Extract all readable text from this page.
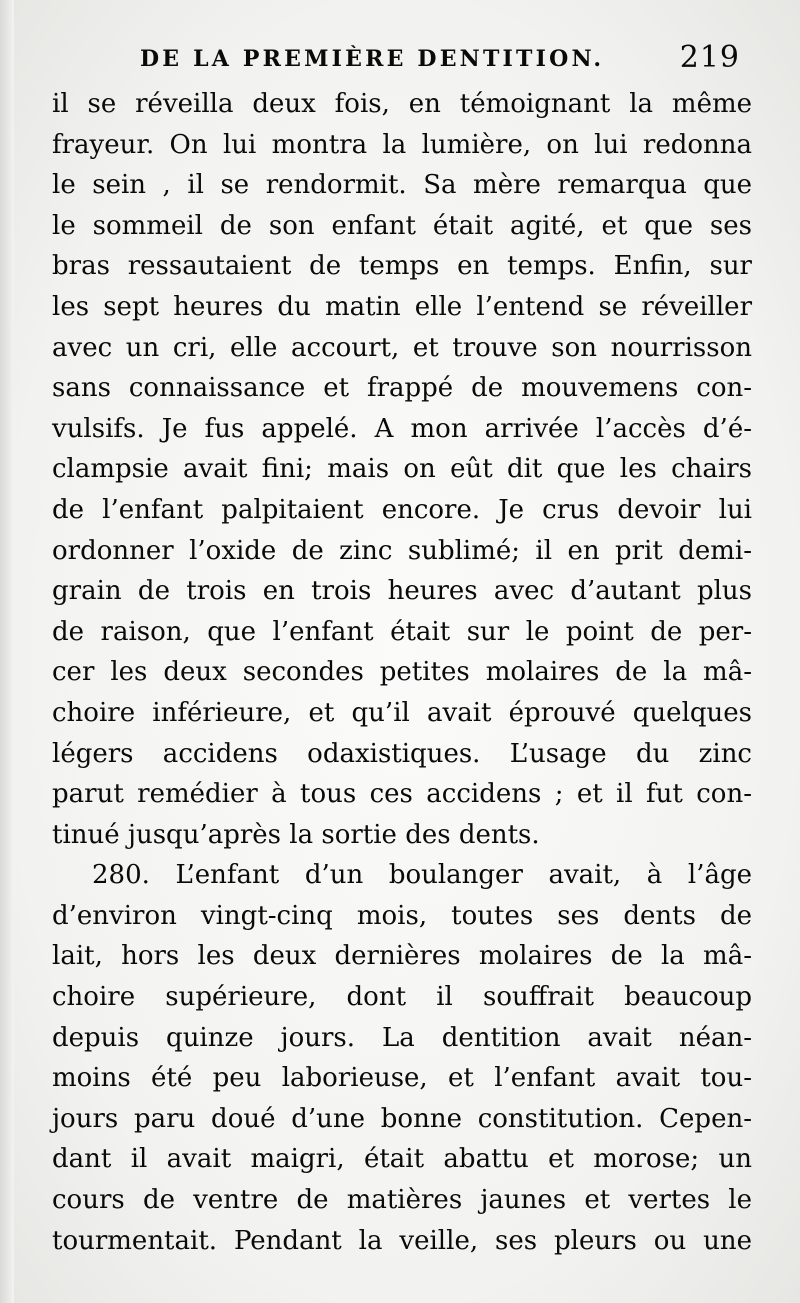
DE LA PREMIÈRE DENTITION.	219
il se réveilla deux fois, en témoignant la même
frayeur. On lui montra la lumière, on lui redonna
le sein , il se rendormit. Sa mère remarqua que
le sommeil de son enfant était agité, et que ses
bras ressautaient de temps en temps. Enfin, sur
les sept heures du matin elle l’entend se réveiller
avec un cri, elle accourt, et trouve son nourrisson
sans connaissance et frappé de mouvemens con-
vulsifs. Je fus appelé. A mon arrivée l’accès d’é-
clampsie avait fini; mais on eût dit que les chairs
de l’enfant palpitaient encore. Je crus devoir lui
ordonner l’oxide de zinc sublimé; il en prit demi-
grain de trois en trois heures avec d’autant plus
de raison, que l’enfant était sur le point de per-
cer les deux secondes petites molaires de la mâ-
choire inférieure, et qu’il avait éprouvé quelques
légers accidens odaxistiques. L’usage du zinc
parut remédier à tous ces accidens ; et il fut con-
tinué jusqu’après la sortie des dents.
280. L’enfant d’un boulanger avait, à l’âge
d’environ vingt-cinq mois, toutes ses dents de
lait, hors les deux dernières molaires de la mâ-
choire supérieure, dont il souffrait beaucoup
depuis quinze jours. La dentition avait néan-
moins été peu laborieuse, et l’enfant avait tou-
jours paru doué d’une bonne constitution. Cepen-
dant il avait maigri, était abattu et morose; un
cours de ventre de matières jaunes et vertes le
tourmentait. Pendant la veille, ses pleurs ou une
